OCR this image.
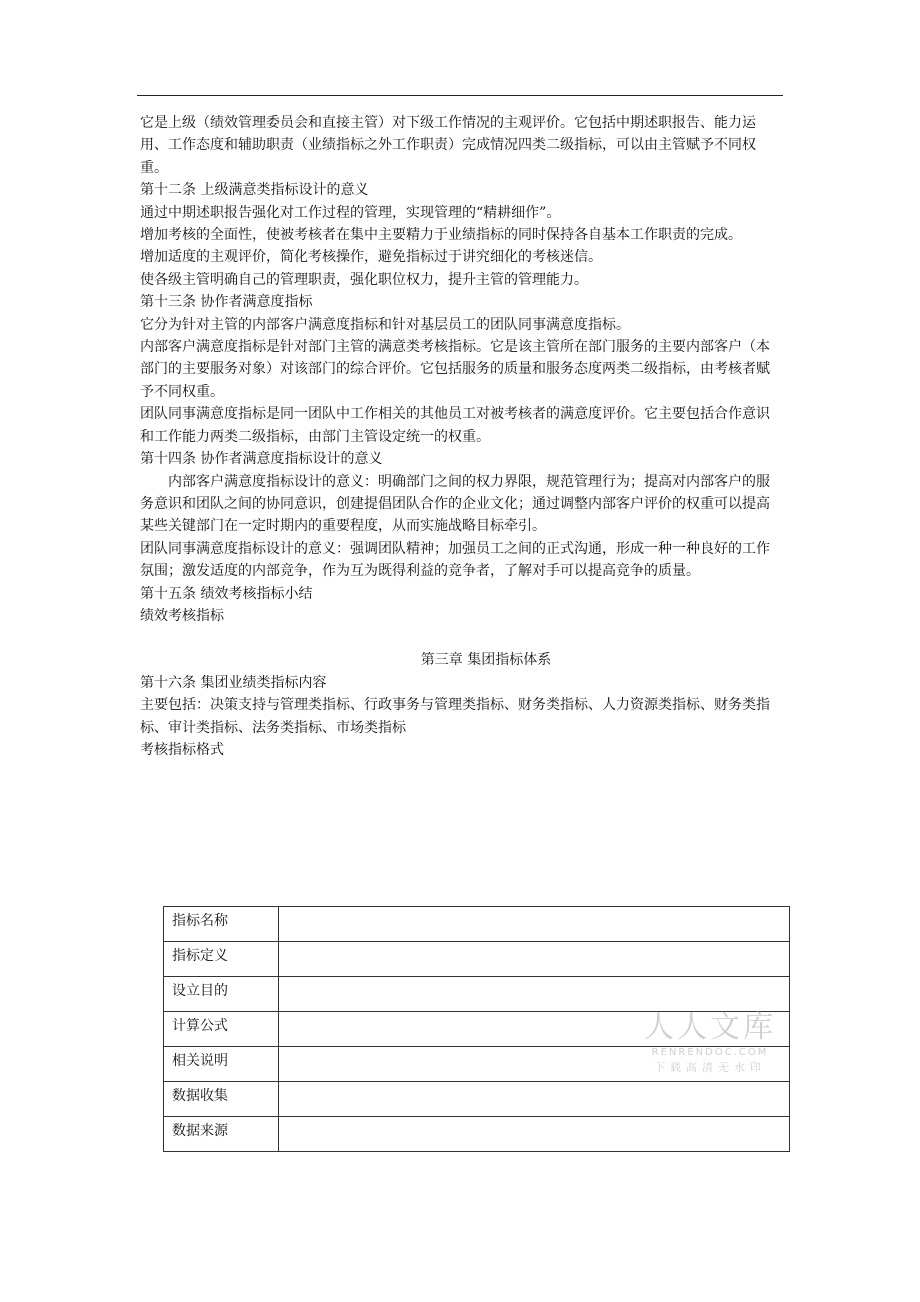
它是上级（绩效管理委员会和直接主管）对下级工作情况的主观评价。它包括中期述职报告、能力运用、工作态度和辅助职责（业绩指标之外工作职责）完成情况四类二级指标，可以由主管赋予不同权重。

第十二条 上级满意类指标设计的意义

通过中期述职报告强化对工作过程的管理，实现管理的“精耕细作”。

增加考核的全面性，使被考核者在集中主要精力于业绩指标的同时保持各自基本工作职责的完成。

增加适度的主观评价，简化考核操作，避免指标过于讲究细化的考核迷信。

使各级主管明确自己的管理职责，强化职位权力，提升主管的管理能力。

第十三条 协作者满意度指标

它分为针对主管的内部客户满意度指标和针对基层员工的团队同事满意度指标。

内部客户满意度指标是针对部门主管的满意类考核指标。它是该主管所在部门服务的主要内部客户（本部门的主要服务对象）对该部门的综合评价。它包括服务的质量和服务态度两类二级指标，由考核者赋予不同权重。

团队同事满意度指标是同一团队中工作相关的其他员工对被考核者的满意度评价。它主要包括合作意识和工作能力两类二级指标，由部门主管设定统一的权重。

第十四条 协作者满意度指标设计的意义

内部客户满意度指标设计的意义：明确部门之间的权力界限，规范管理行为；提高对内部客户的服务意识和团队之间的协同意识，创建提倡团队合作的企业文化；通过调整内部客户评价的权重可以提高某些关键部门在一定时期内的重要程度，从而实施战略目标牵引。

团队同事满意度指标设计的意义：强调团队精神；加强员工之间的正式沟通，形成一种一种良好的工作氛围；激发适度的内部竞争，作为互为既得利益的竞争者，了解对手可以提高竞争的质量。

第十五条 绩效考核指标小结

绩效考核指标

第三章 集团指标体系

第十六条 集团业绩类指标内容

主要包括：决策支持与管理类指标、行政事务与管理类指标、财务类指标、人力资源类指标、财务类指标、审计类指标、法务类指标、市场类指标

考核指标格式

指标名称	
指标定义	
设立目的	
计算公式	
相关说明	
数据收集	
数据来源	
人人文库
RENRENDOC.COM
下载高清无水印
